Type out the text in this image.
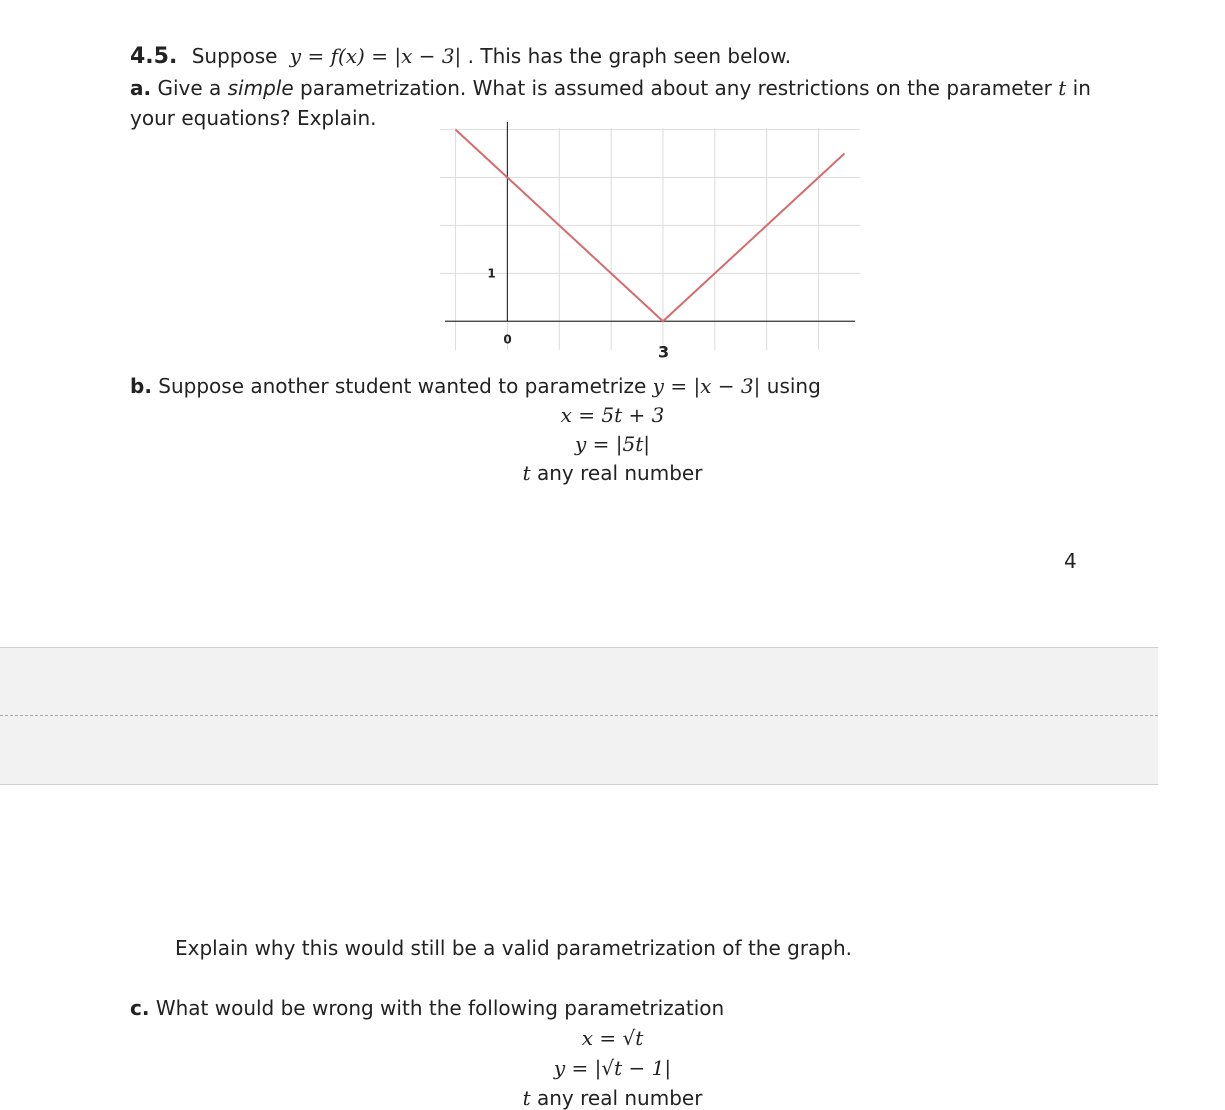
4.5. Suppose y = f(x) = |x − 3| . This has the graph seen below.
a. Give a simple parametrization. What is assumed about any restrictions on the parameter t in
your equations? Explain.
1
0
3
b. Suppose another student wanted to parametrize y = |x − 3| using
x = 5t + 3
y = |5t|
t any real number
4
Explain why this would still be a valid parametrization of the graph.
c. What would be wrong with the following parametrization
x = √t
y = |√t − 1|
t any real number
